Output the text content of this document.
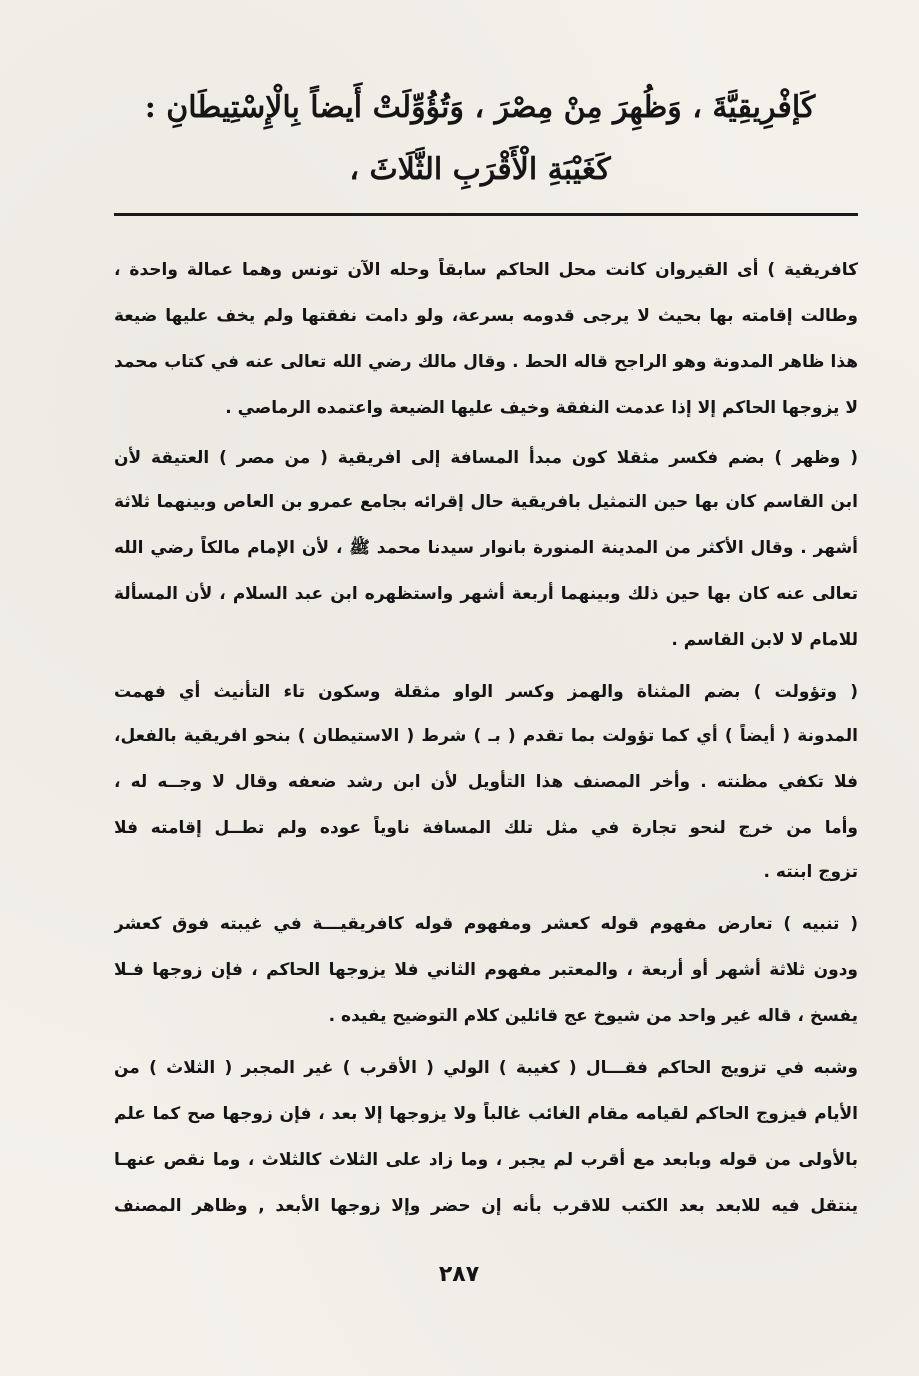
كَإفْرِيقِيَّةَ ، وَظُهِرَ مِنْ مِصْرَ ، وَتُؤُوِّلَتْ أَيضاً بِالْإِسْتِيطَانِ :
كَغَيْبَةِ الْأَقْرَبِ الثَّلَاثَ ،
كافريقية ) أى القيروان كانت محل الحاكم سابقاً وحله الآن تونس وهما عمالة واحدة ،
وطالت إقامته بها بحيث لا يرجى قدومه بسرعة، ولو دامت نفقتها ولم يخف عليها ضيعة
هذا ظاهر المدونة وهو الراجح قاله الحط . وقال مالك رضي الله تعالى عنه في كتاب محمد
لا يزوجها الحاكم إلا إذا عدمت النفقة وخيف عليها الضيعة واعتمده الرماصي .
( وظهر ) بضم فكسر مثقلا كون مبدأ المسافة إلى افريقية ( من مصر ) العتيقة لأن
ابن القاسم كان بها حين التمثيل بافريقية حال إقرائه بجامع عمرو بن العاص وبينهما ثلاثة
أشهر . وقال الأكثر من المدينة المنورة بانوار سيدنا محمد ﷺ ، لأن الإمام مالكاً رضي الله
تعالى عنه كان بها حين ذلك وبينهما أربعة أشهر واستظهره ابن عبد السلام ، لأن المسألة
للامام لا لابن القاسم .
( وتؤولت ) بضم المثناة والهمز وكسر الواو مثقلة وسكون تاء التأنيث أي فهمت
المدونة ( أيضاً ) أي كما تؤولت بما تقدم ( بـ ) شرط ( الاستيطان ) بنحو افريقية بالفعل،
فلا تكفي مظنته . وأخر المصنف هذا التأويل لأن ابن رشد ضعفه وقال لا وجــه له ،
وأما من خرج لنحو تجارة في مثل تلك المسافة ناوياً عوده ولم تطــل إقامته فلا
تزوج ابنته .
( تنبيه ) تعارض مفهوم قوله كعشر ومفهوم قوله كافريقيـــة في غيبته فوق كعشر
ودون ثلاثة أشهر أو أربعة ، والمعتبر مفهوم الثاني فلا يزوجها الحاكم ، فإن زوجها فـلا
يفسخ ، قاله غير واحد من شيوخ عج قائلين كلام التوضيح يفيده .
وشبه في تزويج الحاكم فقـــال ( كغيبة ) الولي ( الأقرب ) غير المجبر ( الثلاث ) من
الأيام فيزوج الحاكم لقيامه مقام الغائب غالباً ولا يزوجها إلا بعد ، فإن زوجها صح كما علم
بالأولى من قوله وبابعد مع أقرب لم يجبر ، وما زاد على الثلاث كالثلاث ، وما نقص عنهـا
ينتقل فيه للابعد بعد الكتب للاقرب بأنه إن حضر وإلا زوجها الأبعد , وظاهر المصنف
٢٨٧
